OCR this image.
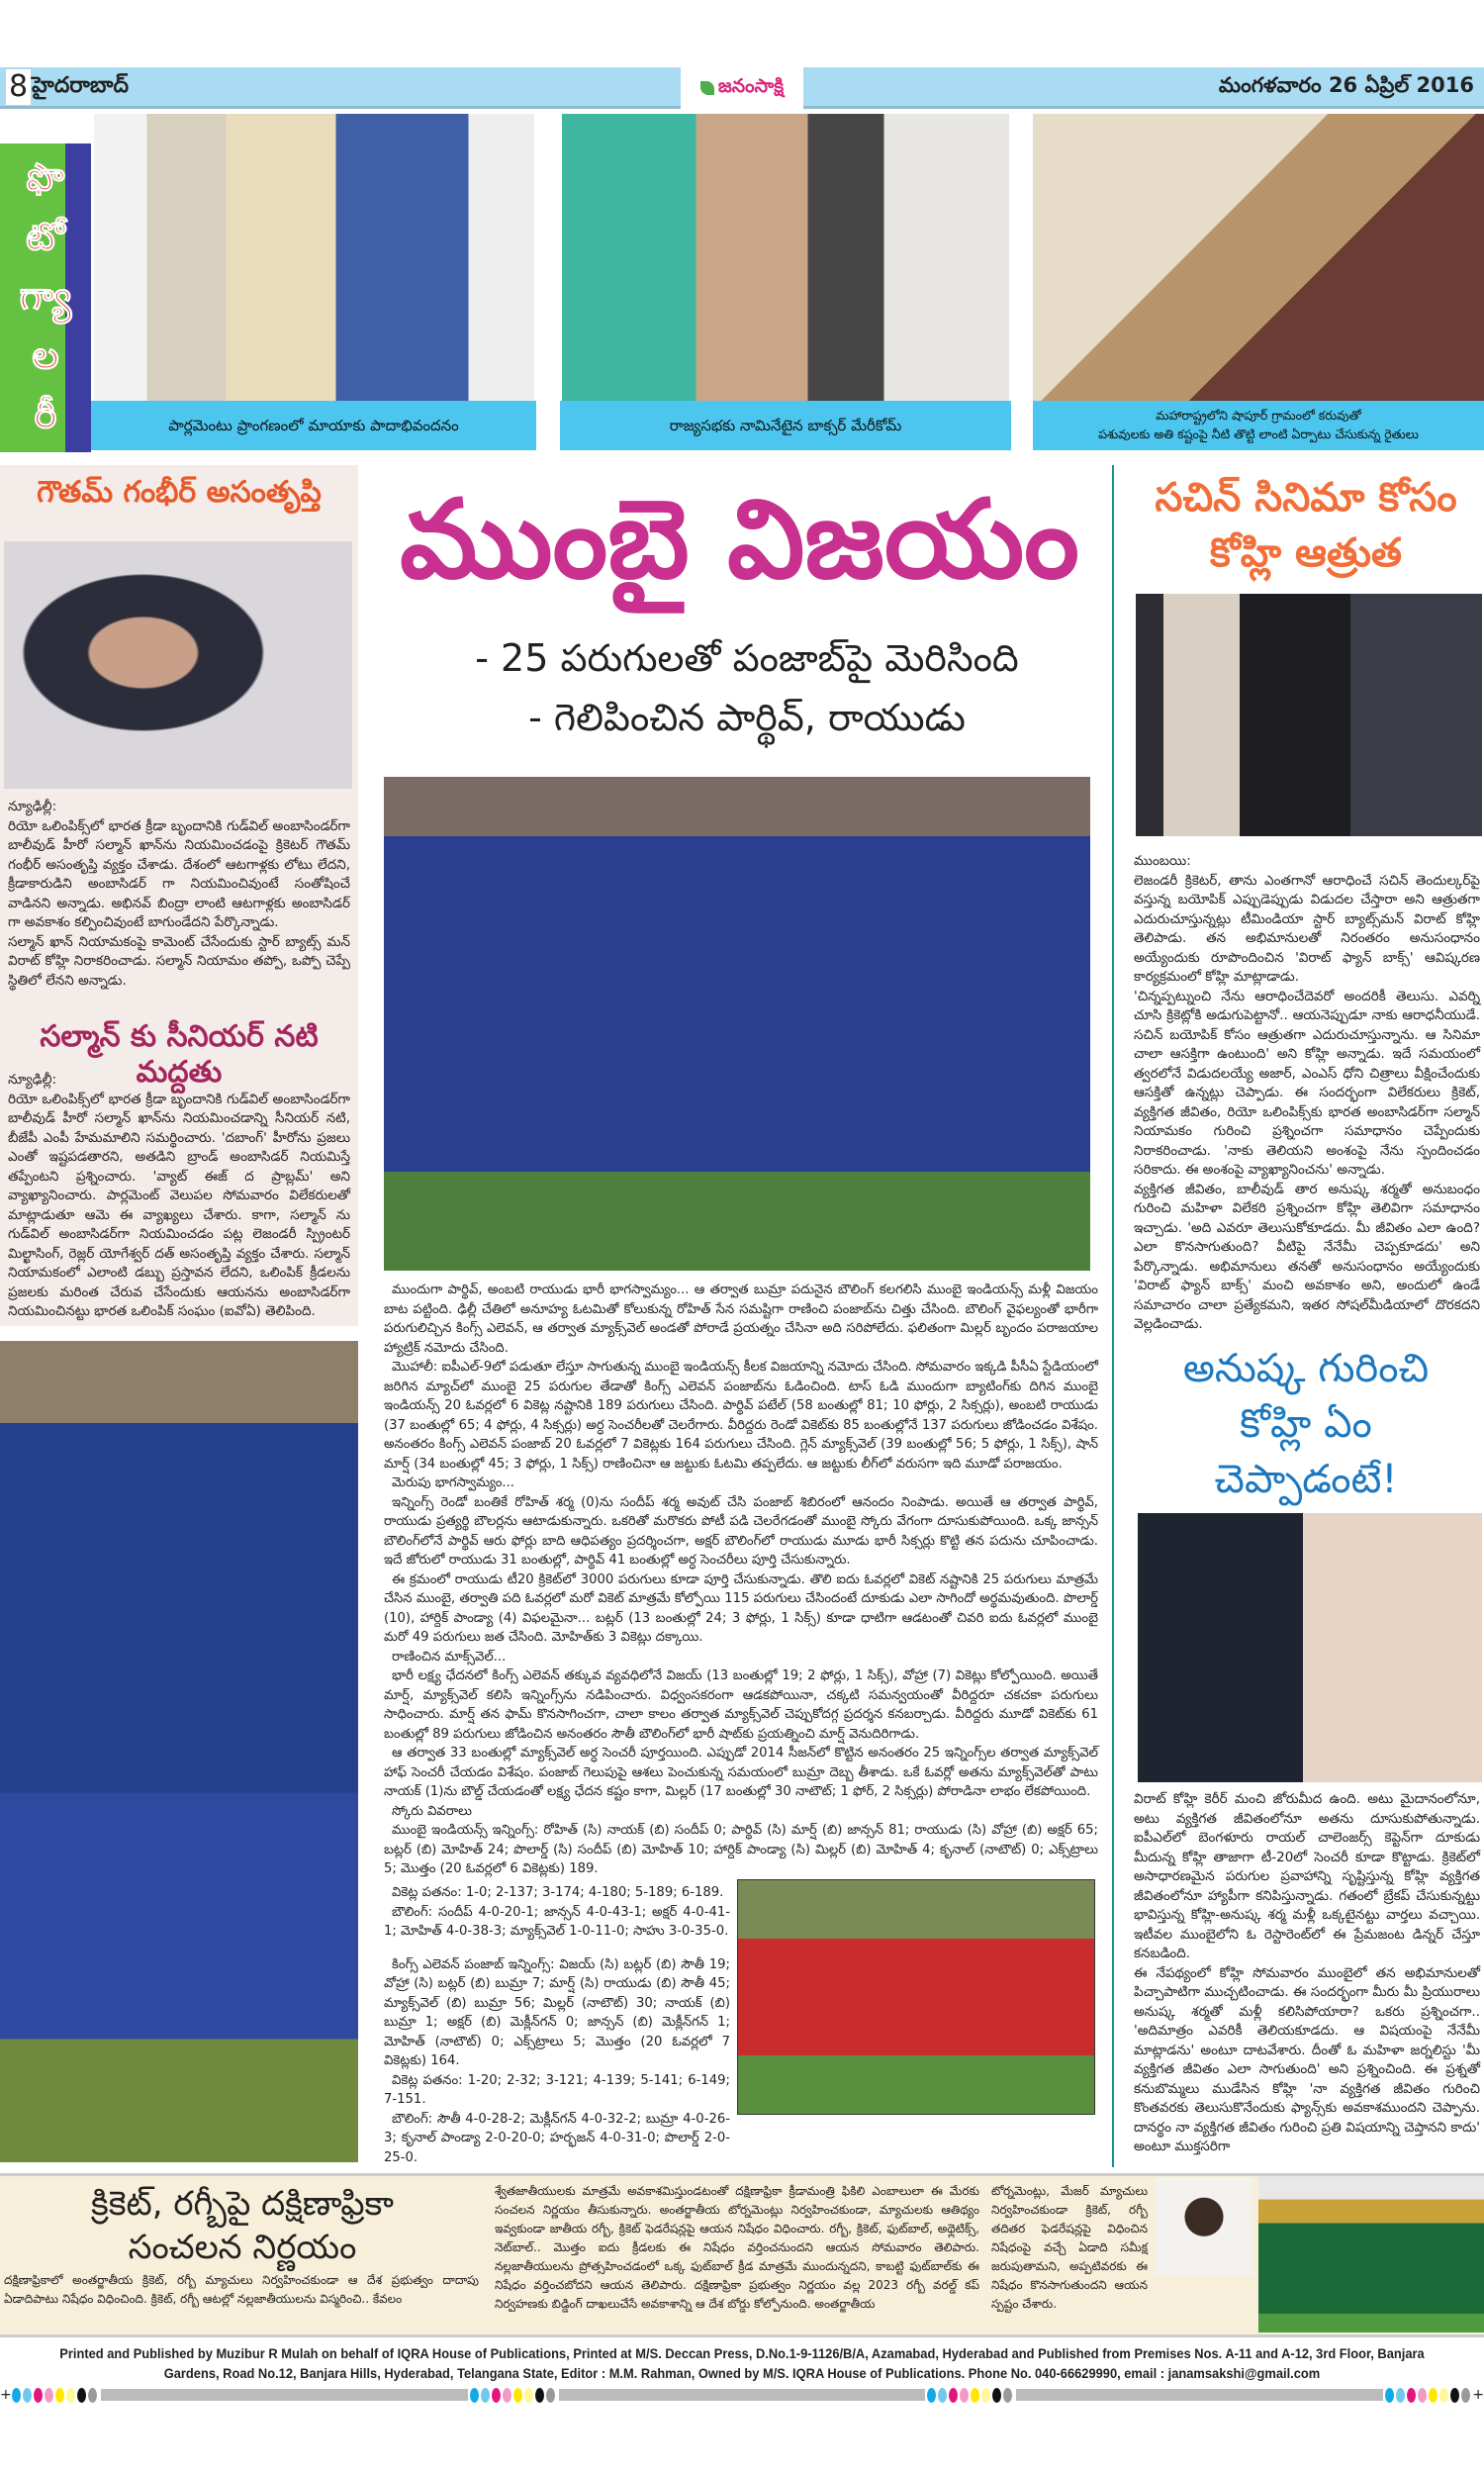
8 హైదరాబాద్	జనంసాక్షి	మంగళవారం 26 ఏప్రిల్ 2016
ఫొ
టో
గ్యా
ల
రీ	పార్లమెంటు ప్రాంగణంలో మాయాకు పాదాభివందనం	రాజ్యసభకు నామినేటైన బాక్సర్ మేరీకోమ్
మహారాష్ట్రలోని షాపూర్ గ్రామంలో కరువుతో
పశువులకు అతి కష్టంపై నీటి తొట్టి లాంటి ఏర్పాటు చేసుకున్న రైతులు
గౌతమ్ గంభీర్ అసంతృప్తి

న్యూఢిల్లీ:

రియో ఒలింపిక్స్‌లో భారత క్రీడా బృందానికి గుడ్‌విల్ అంబాసిండర్‌గా బాలీవుడ్ హీరో సల్మాన్ ఖాన్‌ను నియమించడంపై క్రికెటర్ గౌతమ్ గంభీర్ అసంతృప్తి వ్యక్తం చేశాడు. దేశంలో ఆటగాళ్లకు లోటు లేదని, క్రీడాకారుడిని అంబాసిడర్ గా నియమించివుంటే సంతోషించే వాడినని అన్నాడు. అభినవ్ బింద్రా లాంటి ఆటగాళ్లకు అంబాసిడర్ గా అవకాశం కల్పించివుంటే బాగుండేదని పేర్కొన్నాడు.

సల్మాన్ ఖాన్ నియామకంపై కామెంట్ చేసేందుకు స్టార్ బ్యాట్స్ మన్ విరాట్ కోహ్లి నిరాకరించాడు. సల్మాన్ నియామం తప్పో, ఒప్పో చెప్పే స్థితిలో లేనని అన్నాడు.

సల్మాన్ కు సీనియర్ నటి మద్దతు

న్యూఢిల్లీ:

రియో ఒలింపిక్స్‌లో భారత క్రీడా బృందానికి గుడ్‌విల్ అంబాసిండర్‌గా బాలీవుడ్ హీరో సల్మాన్ ఖాన్‌ను నియమించడాన్ని సీనియర్ నటి, బీజేపీ ఎంపీ హేమమాలిని సమర్థించారు. 'దబాంగ్' హీరోను ప్రజలు ఎంతో ఇష్టపడతారని, అతడిని బ్రాండ్ అంబాసిడర్ నియమిస్తే తప్పేంటని ప్రశ్నించారు. 'వ్యాట్ ఈజ్ ద ప్రాబ్లమ్' అని వ్యాఖ్యానించారు. పార్లమెంట్ వెలుపల సోమవారం విలేకరులతో మాట్లాడుతూ ఆమె ఈ వ్యాఖ్యలు చేశారు. కాగా, సల్మాన్ ను గుడ్‌విల్ అంబాసిడర్‌గా నియమించడం పట్ల లెజండరీ స్ప్రింటర్ మిల్ఖాసింగ్, రెజ్లర్ యోగేశ్వర్ దత్ అసంతృప్తి వ్యక్తం చేశారు. సల్మాన్ నియామకంలో ఎలాంటి డబ్బు ప్రస్తావన లేదని, ఒలింపిక్ క్రీడలను ప్రజలకు మరింత చేరువ చేసేందుకు ఆయనను అంబాసిడర్‌గా నియమించినట్టు భారత ఒలింపిక్ సంఘం (ఐవోఏ) తెలిపింది.

ముంబై విజయం
- 25 పరుగులతో పంజాబ్‌పై మెరిసింది
- గెలిపించిన పార్థివ్, రాయుడు

ముందుగా పార్థివ్, అంబటి రాయుడు భారీ భాగస్వామ్యం... ఆ తర్వాత బుమ్రా పదునైన బౌలింగ్ కలగలిసి ముంబై ఇండియన్స్ మళ్లీ విజయం బాట పట్టింది. ఢిల్లీ చేతిలో అనూహ్య ఓటమితో కోలుకున్న రోహిత్ సేన సమష్టిగా రాణించి పంజాబ్‌ను చిత్తు చేసింది. బౌలింగ్ వైఫల్యంతో భారీగా పరుగులిచ్చిన కింగ్స్ ఎలెవన్, ఆ తర్వాత మ్యాక్స్‌వెల్ అండతో పోరాడే ప్రయత్నం చేసినా అది సరిపోలేదు. ఫలితంగా మిల్లర్ బృందం పరాజయాల హ్యాట్రిక్ నమోదు చేసింది.

మొహాలీ: ఐపీఎల్-9లో పడుతూ లేస్తూ సాగుతున్న ముంబై ఇండియన్స్ కీలక విజయాన్ని నమోదు చేసింది. సోమవారం ఇక్కడి పీసీఏ స్టేడియంలో జరిగిన మ్యాచ్‌లో ముంబై 25 పరుగుల తేడాతో కింగ్స్ ఎలెవన్ పంజాబ్‌ను ఓడించింది. టాస్ ఓడి ముందుగా బ్యాటింగ్‌కు దిగిన ముంబై ఇండియన్స్ 20 ఓవర్లలో 6 వికెట్ల నష్టానికి 189 పరుగులు చేసింది. పార్థివ్ పటేల్ (58 బంతుల్లో 81; 10 ఫోర్లు, 2 సిక్సర్లు), అంబటి రాయుడు (37 బంతుల్లో 65; 4 ఫోర్లు, 4 సిక్సర్లు) అర్ధ సెంచరీలతో చెలరేగారు. వీరిద్దరు రెండో వికెట్‌కు 85 బంతుల్లోనే 137 పరుగులు జోడించడం విశేషం. అనంతరం కింగ్స్ ఎలెవన్ పంజాబ్ 20 ఓవర్లలో 7 వికెట్లకు 164 పరుగులు చేసింది. గ్లెన్ మ్యాక్స్‌వెల్ (39 బంతుల్లో 56; 5 ఫోర్లు, 1 సిక్స్), షాన్ మార్ష్ (34 బంతుల్లో 45; 3 ఫోర్లు, 1 సిక్స్) రాణించినా ఆ జట్టుకు ఓటమి తప్పలేదు. ఆ జట్టుకు లీగ్‌లో వరుసగా ఇది మూడో పరాజయం.

మెరుపు భాగస్వామ్యం...

ఇన్నింగ్స్ రెండో బంతికే రోహిత్ శర్మ (0)ను సందీప్ శర్మ అవుట్ చేసి పంజాబ్ శిబిరంలో ఆనందం నింపాడు. అయితే ఆ తర్వాత పార్థివ్, రాయుడు ప్రత్యర్థి బౌలర్లను ఆటాడుకున్నారు. ఒకరితో మరొకరు పోటీ పడి చెలరేగడంతో ముంబై స్కోరు వేగంగా దూసుకుపోయింది. ఒక్క జాన్సన్ బౌలింగ్‌లోనే పార్థివ్ ఆరు ఫోర్లు బాది ఆధిపత్యం ప్రదర్శించగా, అక్షర్ బౌలింగ్‌లో రాయుడు మూడు భారీ సిక్సర్లు కొట్టి తన పదును చూపించాడు. ఇదే జోరులో రాయుడు 31 బంతుల్లో, పార్థివ్ 41 బంతుల్లో అర్ధ సెంచరీలు పూర్తి చేసుకున్నారు.

ఈ క్రమంలో రాయుడు టీ20 క్రికెట్‌లో 3000 పరుగులు కూడా పూర్తి చేసుకున్నాడు. తొలి ఐదు ఓవర్లలో వికెట్ నష్టానికి 25 పరుగులు మాత్రమే చేసిన ముంబై, తర్వాతి పది ఓవర్లలో మరో వికెట్ మాత్రమే కోల్పోయి 115 పరుగులు చేసిందంటే దూకుడు ఎలా సాగిందో అర్థమవుతుంది. పొలార్డ్ (10), హార్దిక్ పాండ్యా (4) విఫలమైనా... బట్లర్ (13 బంతుల్లో 24; 3 ఫోర్లు, 1 సిక్స్) కూడా ధాటిగా ఆడటంతో చివరి ఐదు ఓవర్లలో ముంబై మరో 49 పరుగులు జత చేసింది. మోహిత్‌కు 3 వికెట్లు దక్కాయి.

రాణించిన మాక్స్‌వెల్...

భారీ లక్ష్య ఛేదనలో కింగ్స్ ఎలెవన్ తక్కువ వ్యవధిలోనే విజయ్ (13 బంతుల్లో 19; 2 ఫోర్లు, 1 సిక్స్), వోహ్రా (7) వికెట్లు కోల్పోయింది. అయితే మార్ష్, మ్యాక్స్‌వెల్ కలిసి ఇన్నింగ్స్‌ను నడిపించారు. విధ్వంసకరంగా ఆడకపోయినా, చక్కటి సమన్వయంతో వీరిద్దరూ చకచకా పరుగులు సాధించారు. మార్ష్ తన ఫామ్ కొనసాగించగా, చాలా కాలం తర్వాత మ్యాక్స్‌వెల్ చెప్పుకోదగ్గ ప్రదర్శన కనబర్చాడు. వీరిద్దరు మూడో వికెట్‌కు 61 బంతుల్లో 89 పరుగులు జోడించిన అనంతరం సౌతీ బౌలింగ్‌లో భారీ షాట్‌కు ప్రయత్నించి మార్ష్ వెనుదిరిగాడు.

ఆ తర్వాత 33 బంతుల్లో మ్యాక్స్‌వెల్ అర్ధ సెంచరీ పూర్తయింది. ఎప్పుడో 2014 సీజన్‌లో కొట్టిన అనంతరం 25 ఇన్నింగ్స్‌ల తర్వాత మ్యాక్స్‌వెల్ హాఫ్ సెంచరీ చేయడం విశేషం. పంజాబ్ గెలుపుపై ఆశలు పెంచుకున్న సమయంలో బుమ్రా దెబ్బ తీశాడు. ఒకే ఓవర్లో అతను మ్యాక్స్‌వెల్‌తో పాటు నాయక్ (1)ను బౌల్డ్ చేయడంతో లక్ష్య ఛేదన కష్టం కాగా, మిల్లర్ (17 బంతుల్లో 30 నాటౌట్; 1 ఫోర్, 2 సిక్సర్లు) పోరాడినా లాభం లేకపోయింది.

స్కోరు వివరాలు

ముంబై ఇండియన్స్ ఇన్నింగ్స్: రోహిత్ (సి) నాయక్ (బి) సందీప్ 0; పార్థివ్ (సి) మార్ష్ (బి) జాన్సన్ 81; రాయుడు (సి) వోహ్రా (బి) అక్షర్ 65; బట్లర్ (బి) మోహిత్ 24; పొలార్డ్ (సి) సందీప్ (బి) మోహిత్ 10; హార్దిక్ పాండ్యా (సి) మిల్లర్ (బి) మోహిత్ 4; కృనాల్ (నాటౌట్) 0; ఎక్స్‌ట్రాలు 5; మొత్తం (20 ఓవర్లలో 6 వికెట్లకు) 189.

వికెట్ల పతనం: 1-0; 2-137; 3-174; 4-180; 5-189; 6-189.

బౌలింగ్: సందీప్ 4-0-20-1; జాన్సన్ 4-0-43-1; అక్షర్ 4-0-41-1; మోహిత్ 4-0-38-3; మ్యాక్స్‌వెల్ 1-0-11-0; సాహు 3-0-35-0.

కింగ్స్ ఎలెవన్ పంజాబ్ ఇన్నింగ్స్: విజయ్ (సి) బట్లర్ (బి) సౌతీ 19; వోహ్రా (సి) బట్లర్ (బి) బుమ్రా 7; మార్ష్ (సి) రాయుడు (బి) సౌతీ 45; మ్యాక్స్‌వెల్ (బి) బుమ్రా 56; మిల్లర్ (నాటౌట్) 30; నాయక్ (బి) బుమ్రా 1; అక్షర్ (బి) మెక్లీన్‌గన్ 0; జాన్సన్ (బి) మెక్లీన్‌గన్ 1; మోహిత్ (నాటౌట్) 0; ఎక్స్‌ట్రాలు 5; మొత్తం (20 ఓవర్లలో 7 వికెట్లకు) 164.

వికెట్ల పతనం: 1-20; 2-32; 3-121; 4-139; 5-141; 6-149; 7-151.

బౌలింగ్: సౌతీ 4-0-28-2; మెక్లీన్‌గన్ 4-0-32-2; బుమ్రా 4-0-26-3; కృనాల్ పాండ్యా 2-0-20-0; హర్భజన్ 4-0-31-0; పొలార్డ్ 2-0-25-0.

సచిన్ సినిమా కోసం
కోహ్లి ఆత్రుత

ముంబయి:

లెజండరీ క్రికెటర్, తాను ఎంతగానో ఆరాధించే సచిన్ తెందుల్కర్‌పై వస్తున్న బయోపిక్ ఎప్పుడెప్పుడు విడుదల చేస్తారా అని ఆత్రుతగా ఎదురుచూస్తున్నట్లు టీమిండియా స్టార్ బ్యాట్స్‌మన్ విరాట్ కోహ్లి తెలిపాడు. తన అభిమానులతో నిరంతరం అనుసంధానం అయ్యేందుకు రూపొందించిన 'విరాట్ ఫ్యాన్ బాక్స్' ఆవిష్కరణ కార్యక్రమంలో కోహ్లి మాట్లాడాడు.

'చిన్నప్పట్నుంచి నేను ఆరాధించేదెవరో అందరికీ తెలుసు. ఎవర్ని చూసి క్రికెట్లోకి అడుగుపెట్టానో.. ఆయనెప్పుడూ నాకు ఆరాధనీయుడే. సచిన్ బయోపిక్ కోసం ఆత్రుతగా ఎదురుచూస్తున్నాను. ఆ సినిమా చాలా ఆసక్తిగా ఉంటుంది' అని కోహ్లి అన్నాడు. ఇదే సమయంలో త్వరలోనే విడుదలయ్యే అజార్, ఎంఎస్ ధోని చిత్రాలు వీక్షించేందుకు ఆసక్తితో ఉన్నట్లు చెప్పాడు. ఈ సందర్భంగా విలేకరులు క్రికెట్, వ్యక్తిగత జీవితం, రియో ఒలింపిక్స్‌కు భారత అంబాసిడర్‌గా సల్మాన్ నియామకం గురించి ప్రశ్నించగా సమాధానం చెప్పేందుకు నిరాకరించాడు. 'నాకు తెలియని అంశంపై నేను స్పందించడం సరికాదు. ఈ అంశంపై వ్యాఖ్యానించను' అన్నాడు.

వ్యక్తిగత జీవితం, బాలీవుడ్ తార అనుష్క శర్మతో అనుబంధం గురించి మహిళా విలేకరి ప్రశ్నించగా కోహ్లి తెలివిగా సమాధానం ఇచ్చాడు. 'అది ఎవరూ తెలుసుకోకూడదు. మీ జీవితం ఎలా ఉంది? ఎలా కొనసాగుతుంది? వీటిపై నేనేమీ చెప్పకూడదు' అని పేర్కొన్నాడు. అభిమానులు తనతో అనుసంధానం అయ్యేందుకు 'విరాట్ ఫ్యాన్ బాక్స్' మంచి అవకాశం అని, అందులో ఉండే సమాచారం చాలా ప్రత్యేకమని, ఇతర సోషల్‌మీడియాలో దొరకదని వెల్లడించాడు.

అనుష్క గురించి
కోహ్లి ఏం
చెప్పాడంటే!

విరాట్ కోహ్లి కెరీర్ మంచి జోరుమీద ఉంది. అటు మైదానంలోనూ, అటు వ్యక్తిగత జీవితంలోనూ అతను దూసుకుపోతున్నాడు. ఐపీఎల్‌లో బెంగళూరు రాయల్ చాలెంజర్స్ కెప్టెన్‌గా దూకుడు మీదున్న కోహ్లి తాజాగా టీ-20లో సెంచరీ కూడా కొట్టాడు. క్రికెట్‌లో అసాధారణమైన పరుగుల ప్రవాహాన్ని సృష్టిస్తున్న కోహ్లి వ్యక్తిగత జీవితంలోనూ హ్యాపీగా కనిపిస్తున్నాడు. గతంలో బ్రేకప్ చేసుకున్నట్టు భావిస్తున్న కోహ్లి-అనుష్క శర్మ మళ్లీ ఒక్కటైనట్టు వార్తలు వచ్చాయి. ఇటీవల ముంబైలోని ఓ రెస్టారెంట్‌లో ఈ ప్రేమజంట డిన్నర్ చేస్తూ కనబడింది.

ఈ నేపథ్యంలో కోహ్లి సోమవారం ముంబైలో తన అభిమానులతో పిచ్చాపాటిగా ముచ్చటించాడు. ఈ సందర్భంగా మీరు మీ ప్రియురాలు అనుష్క శర్మతో మళ్లీ కలిసిపోయారా? ఒకరు ప్రశ్నించగా.. 'అదిమాత్రం ఎవరికీ తెలియకూడదు. ఆ విషయంపై నేనేమీ మాట్లాడను' అంటూ దాటవేశారు. దీంతో ఓ మహిళా జర్నలిస్టు 'మీ వ్యక్తిగత జీవితం ఎలా సాగుతుంది' అని ప్రశ్నించింది. ఈ ప్రశ్నతో కనుబొమ్మలు ముడేసిన కోహ్లి 'నా వ్యక్తిగత జీవితం గురించి కొంతవరకు తెలుసుకొనేందుకు ఫ్యాన్స్‌కు అవకాశముందని చెప్పాను. దానర్థం నా వ్యక్తిగత జీవితం గురించి ప్రతి విషయాన్ని చెప్తానని కాదు' అంటూ ముక్తసరిగా

క్రికెట్, రగ్బీపై దక్షిణాఫ్రికా
సంచలన నిర్ణయం
దక్షిణాఫ్రికాలో అంతర్జాతీయ క్రికెట్, రగ్బీ మ్యాచులు నిర్వహించకుండా ఆ దేశ ప్రభుత్వం దాదాపు ఏడాదిపాటు నిషేధం విధించింది. క్రికెట్, రగ్బీ ఆటల్లో నల్లజాతీయులను విస్మరించి.. కేవలం
శ్వేతజాతీయులకు మాత్రమే అవకాశమిస్తుండటంతో దక్షిణాఫ్రికా క్రీడామంత్రి ఫికిలి ఎంబాలులా ఈ మేరకు సంచలన నిర్ణయం తీసుకున్నారు. అంతర్జాతీయ టోర్నమెంట్లు నిర్వహించకుండా, మ్యాచులకు ఆతిథ్యం ఇవ్వకుండా జాతీయ రగ్బీ, క్రికెట్ ఫెడరేషన్లపై ఆయన నిషేధం విధించారు. రగ్బీ, క్రికెట్, ఫుట్‌బాల్, అథ్లెటిక్స్, నెట్‌బాల్.. మొత్తం ఐదు క్రీడలకు ఈ నిషేధం వర్తించనుందని ఆయన సోమవారం తెలిపారు. నల్లజాతీయులను ప్రోత్సహించడంలో ఒక్క ఫుట్‌బాల్ క్రీడ మాత్రమే ముందున్నదని, కాబట్టి ఫుట్‌బాల్‌కు ఈ నిషేధం వర్తించబోదని ఆయన తెలిపారు. దక్షిణాఫ్రికా ప్రభుత్వం నిర్ణయం వల్ల 2023 రగ్బీ వరల్డ్ కప్ నిర్వహణకు బిడ్డింగ్ దాఖలుచేసే అవకాశాన్ని ఆ దేశ బోర్డు కోల్పోనుంది. అంతర్జాతీయ
టోర్నమెంట్లు, మేజర్ మ్యాచులు నిర్వహించకుండా క్రికెట్, రగ్బీ తదితర ఫెడరేషన్లపై విధించిన నిషేధంపై వచ్చే ఏడాది సమీక్ష జరుపుతామని, అప్పటివరకు ఈ నిషేధం కొనసాగుతుందని ఆయన స్పష్టం చేశారు.
Printed and Published by Muzibur R Mulah on behalf of IQRA House of Publications, Printed at M/S. Deccan Press, D.No.1-9-1126/B/A, Azamabad, Hyderabad and Published from Premises Nos. A-11 and A-12, 3rd Floor, Banjara Gardens, Road No.12, Banjara Hills, Hyderabad, Telangana State, Editor : M.M. Rahman, Owned by M/S. IQRA House of Publications. Phone No. 040-66629990, email : janamsakshi@gmail.com
+	+
